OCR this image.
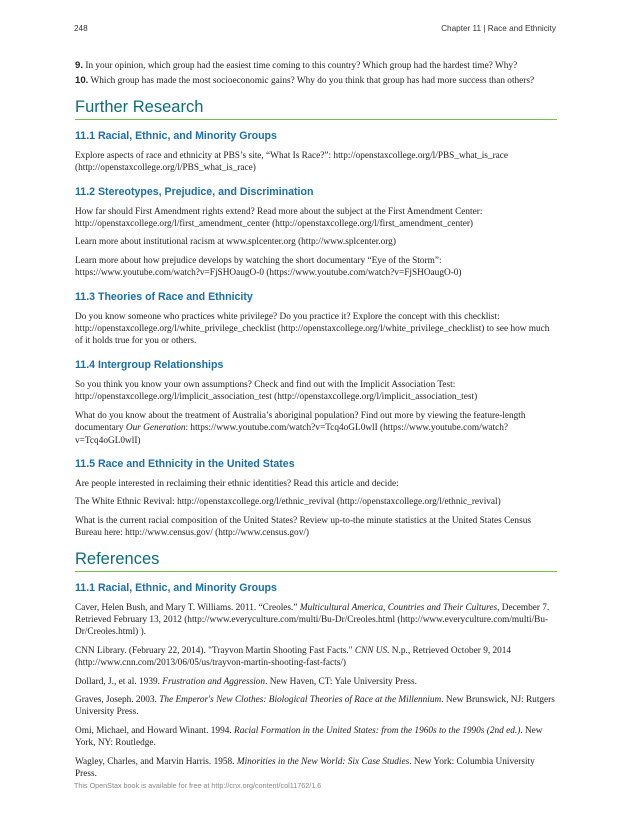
248	Chapter 11 | Race and Ethnicity

9. In your opinion, which group had the easiest time coming to this country? Which group had the hardest time? Why?

10. Which group has made the most socioeconomic gains? Why do you think that group has had more success than others?

Further Research
11.1 Racial, Ethnic, and Minority Groups

Explore aspects of race and ethnicity at PBS’s site, “What Is Race?”: http://openstaxcollege.org/l/PBS_what_is_race (http://openstaxcollege.org/l/PBS_what_is_race)

11.2 Stereotypes, Prejudice, and Discrimination

How far should First Amendment rights extend? Read more about the subject at the First Amendment Center: http://openstaxcollege.org/l/first_amendment_center (http://openstaxcollege.org/l/first_amendment_center)

Learn more about institutional racism at www.splcenter.org (http://www.splcenter.org)

Learn more about how prejudice develops by watching the short documentary “Eye of the Storm”: https://www.youtube.com/watch?v=FjSHOaugO-0 (https://www.youtube.com/watch?v=FjSHOaugO-0)

11.3 Theories of Race and Ethnicity

Do you know someone who practices white privilege? Do you practice it? Explore the concept with this checklist: http://openstaxcollege.org/l/white_privilege_checklist (http://openstaxcollege.org/l/white_privilege_checklist) to see how much of it holds true for you or others.

11.4 Intergroup Relationships

So you think you know your own assumptions? Check and find out with the Implicit Association Test: http://openstaxcollege.org/l/implicit_association_test (http://openstaxcollege.org/l/implicit_association_test)

What do you know about the treatment of Australia’s aboriginal population? Find out more by viewing the feature-length documentary Our Generation: https://www.youtube.com/watch?v=Tcq4oGL0wlI (https://www.youtube.com/watch?v=Tcq4oGL0wlI)

11.5 Race and Ethnicity in the United States

Are people interested in reclaiming their ethnic identities? Read this article and decide:

The White Ethnic Revival: http://openstaxcollege.org/l/ethnic_revival (http://openstaxcollege.org/l/ethnic_revival)

What is the current racial composition of the United States? Review up-to-the minute statistics at the United States Census Bureau here: http://www.census.gov/ (http://www.census.gov/)

References
11.1 Racial, Ethnic, and Minority Groups

Caver, Helen Bush, and Mary T. Williams. 2011. “Creoles.” Multicultural America, Countries and Their Cultures, December 7. Retrieved February 13, 2012 (http://www.everyculture.com/multi/Bu-Dr/Creoles.html (http://www.everyculture.com/multi/Bu-Dr/Creoles.html) ).

CNN Library. (February 22, 2014). "Trayvon Martin Shooting Fast Facts." CNN US. N.p., Retrieved October 9, 2014 (http://www.cnn.com/2013/06/05/us/trayvon-martin-shooting-fast-facts/)

Dollard, J., et al. 1939. Frustration and Aggression. New Haven, CT: Yale University Press.

Graves, Joseph. 2003. The Emperor's New Clothes: Biological Theories of Race at the Millennium. New Brunswick, NJ: Rutgers University Press.

Omi, Michael, and Howard Winant. 1994. Racial Formation in the United States: from the 1960s to the 1990s (2nd ed.). New York, NY: Routledge.

Wagley, Charles, and Marvin Harris. 1958. Minorities in the New World: Six Case Studies. New York: Columbia University Press.

This OpenStax book is available for free at http://cnx.org/content/col11762/1.6
